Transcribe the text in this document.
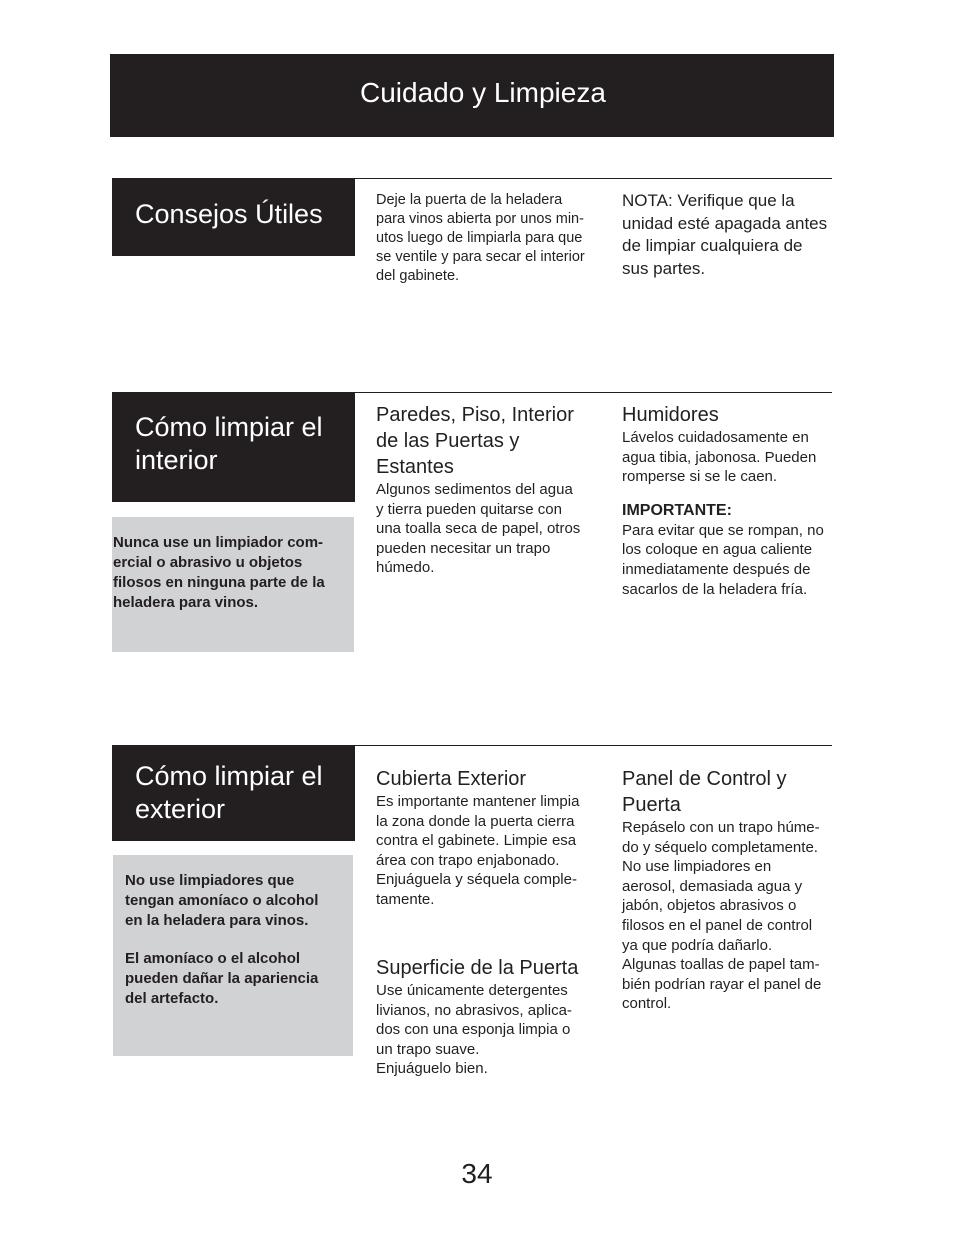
Cuidado y Limpieza
Consejos Útiles	Deje la puerta de la heladera
para vinos abierta por unos min-
utos luego de limpiarla para que
se ventile y para secar el interior
del gabinete.
NOTA: Verifique que la
unidad esté apagada antes
de limpiar cualquiera de
sus partes.
Cómo limpiar el
interior

Nunca use un limpiador com-
ercial o abrasivo u objetos
filosos en ninguna parte de la
heladera para vinos.

Paredes, Piso, Interior
de las Puertas y
Estantes
Algunos sedimentos del agua
y tierra pueden quitarse con
una toalla seca de papel, otros
pueden necesitar un trapo
húmedo.
Humidores
Lávelos cuidadosamente en
agua tibia, jabonosa. Pueden
romperse si se le caen.
IMPORTANTE:
Para evitar que se rompan, no
los coloque en agua caliente
inmediatamente después de
sacarlos de la heladera fría.
Cómo limpiar el
exterior

No use limpiadores que
tengan amoníaco o alcohol
en la heladera para vinos.

El amoníaco o el alcohol
pueden dañar la apariencia
del artefacto.

Cubierta Exterior
Es importante mantener limpia
la zona donde la puerta cierra
contra el gabinete. Limpie esa
área con trapo enjabonado.
Enjuáguela y séquela comple-
tamente.
Superficie de la Puerta
Use únicamente detergentes
livianos, no abrasivos, aplica-
dos con una esponja limpia o
un trapo suave.
Enjuáguelo bien.
Panel de Control y
Puerta
Repáselo con un trapo húme-
do y séquelo completamente.
No use limpiadores en
aerosol, demasiada agua y
jabón, objetos abrasivos o
filosos en el panel de control
ya que podría dañarlo.
Algunas toallas de papel tam-
bién podrían rayar el panel de
control.
34
